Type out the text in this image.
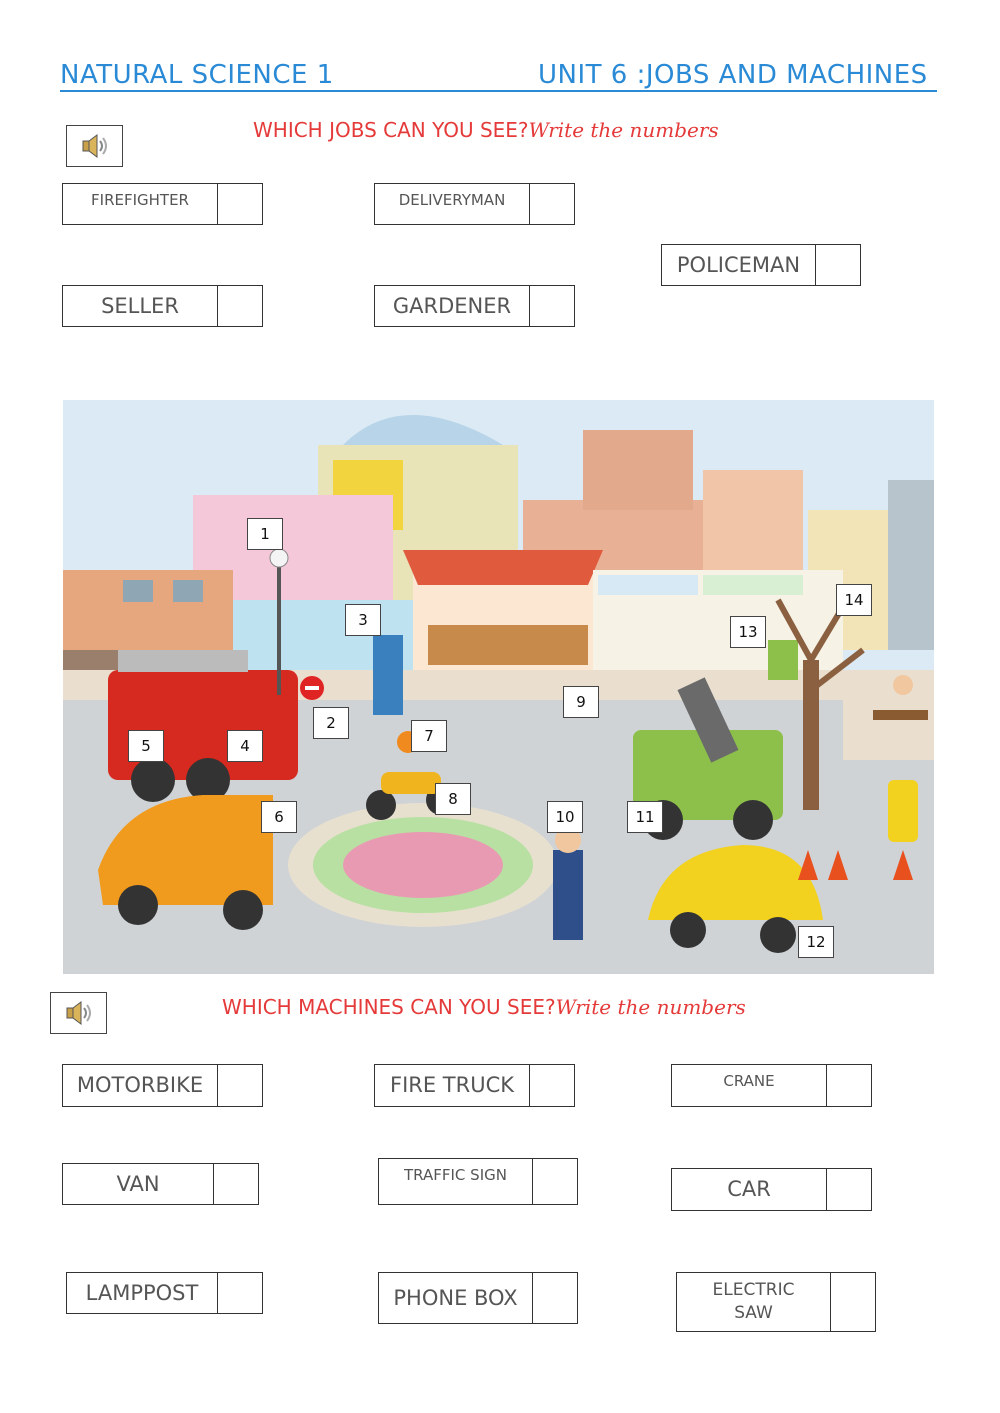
NATURAL SCIENCE 1	UNIT 6 :JOBS AND MACHINES
WHICH JOBS CAN YOU SEE?Write the numbers
FIREFIGHTER	DELIVERYMAN
POLICEMAN
SELLER	GARDENER
1
2
3
4
5
6
7
8
9
10	11
12
13
14
WHICH MACHINES CAN YOU SEE?Write the numbers
MOTORBIKE	FIRE TRUCK	CRANE
VAN	TRAFFIC SIGN
CAR
LAMPPOST	PHONE BOX	ELECTRIC SAW
